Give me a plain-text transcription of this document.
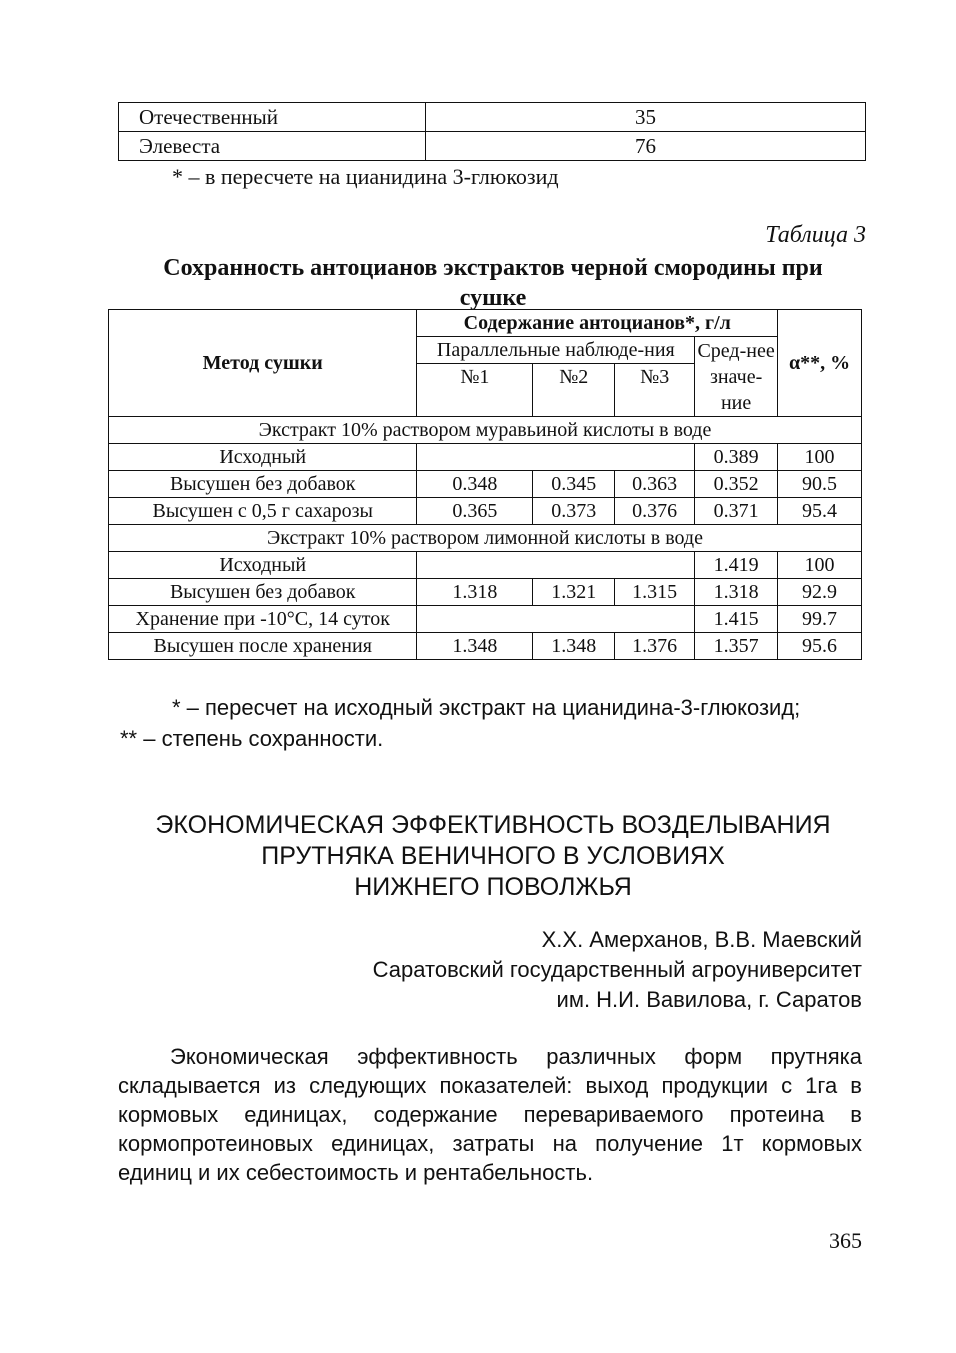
Отечественный	35
Элевеста	76
* – в пересчете на цианидина 3-глюкозид
Таблица 3
Сохранность антоцианов экстрактов черной смородины при
сушке
Метод сушки	Содержание антоцианов*, г/л				α**, %
	Параллельные наблюде-ния			Сред-нее значе-ние	
	№1	№2	№3		
Экстракт 10% раствором муравьиной кислоты в воде					
Исходный				0.389	100
Высушен без добавок	0.348	0.345	0.363	0.352	90.5
Высушен с 0,5 г сахарозы	0.365	0.373	0.376	0.371	95.4
Экстракт 10% раствором лимонной кислоты в воде					
Исходный				1.419	100
Высушен без добавок	1.318	1.321	1.315	1.318	92.9
Хранение при -10°С, 14 суток				1.415	99.7
Высушен после хранения	1.348	1.348	1.376	1.357	95.6
* – пересчет на исходный экстракт на цианидина-3-глюкозид;
** – степень сохранности.
ЭКОНОМИЧЕСКАЯ ЭФФЕКТИВНОСТЬ ВОЗДЕЛЫВАНИЯ
ПРУТНЯКА ВЕНИЧНОГО В УСЛОВИЯХ
НИЖНЕГО ПОВОЛЖЬЯ
Х.Х. Амерханов, В.В. Маевский
Саратовский государственный агроуниверситет
им. Н.И. Вавилова, г. Саратов
Экономическая эффективность различных форм прутняка складывается из следующих показателей: выход продукции с 1га в кормовых единицах, содержание перевариваемого протеина в кормопротеиновых единицах, затраты на получение 1т кормовых единиц и их себестоимость и рентабельность.
365
